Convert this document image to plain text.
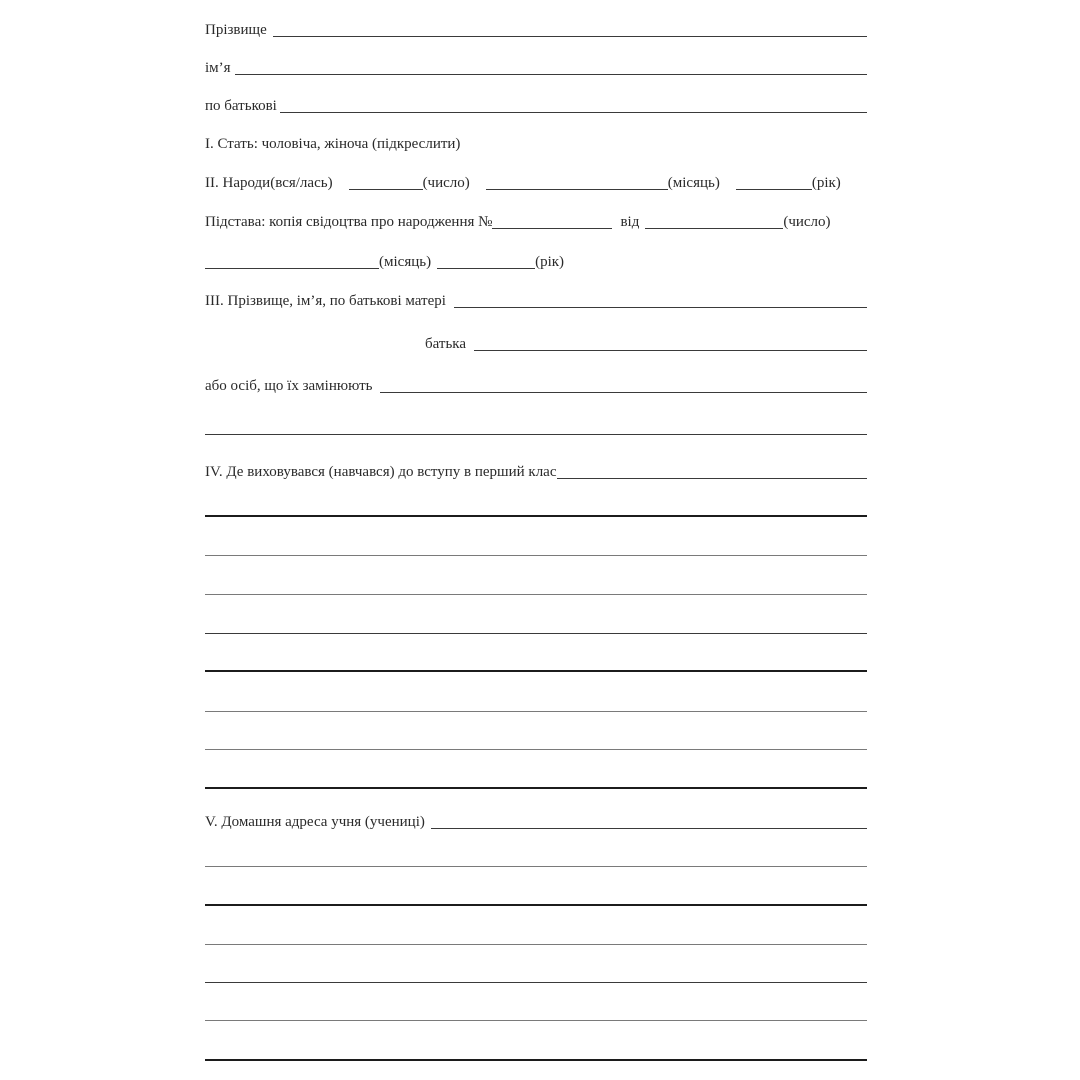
Прізвище
ім’я
по батькові
I. Стать: чоловіча, жіноча (підкреслити)
II. Народи(вся/лась)	(число)	(місяць)	(рік)
Підстава: копія свідоцтва про народження №	від	(число)
(місяць)	(рік)
III. Прізвище, ім’я, по батькові матері
батька
або осіб, що їх замінюють
IV. Де виховувався (навчався) до вступу в перший клас
V. Домашня адреса учня (учениці)
